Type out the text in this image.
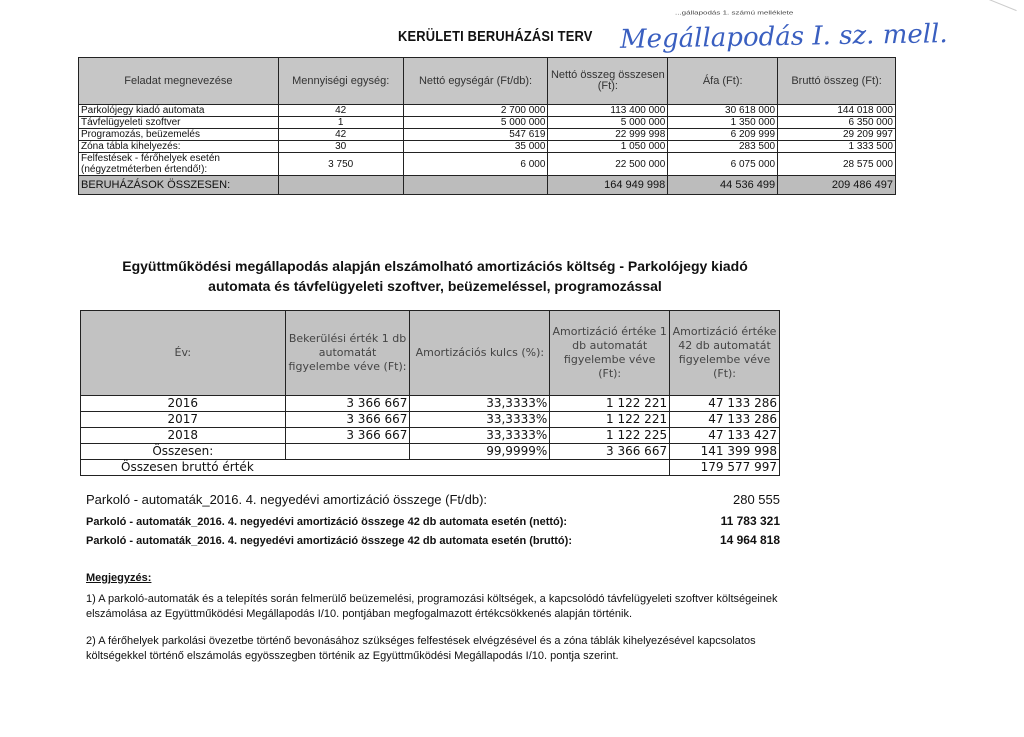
...gállapodás 1. számú melléklete
KERÜLETI BERUHÁZÁSI TERV Megállapodás I. sz. mell.
Feladat megnevezése	Mennyiségi egység:	Nettó egységár (Ft/db):	Nettó összeg összesen (Ft):	Áfa (Ft):	Bruttó összeg (Ft):
Parkolójegy kiadó automata	42	2 700 000	113 400 000	30 618 000	144 018 000
Távfelügyeleti szoftver	1	5 000 000	5 000 000	1 350 000	6 350 000
Programozás, beüzemelés	42	547 619	22 999 998	6 209 999	29 209 997
Zóna tábla kihelyezés:	30	35 000	1 050 000	283 500	1 333 500
Felfestések - férőhelyek esetén (négyzetméterben értendő!):	3 750	6 000	22 500 000	6 075 000	28 575 000
BERUHÁZÁSOK ÖSSZESEN:			164 949 998	44 536 499	209 486 497
Együttműködési megállapodás alapján elszámolható amortizációs költség - Parkolójegy kiadó automata és távfelügyeleti szoftver, beüzemeléssel, programozással
Év:	Bekerülési érték 1 db automatát figyelembe véve (Ft):	Amortizációs kulcs (%):	Amortizáció értéke 1 db automatát figyelembe véve (Ft):	Amortizáció értéke 42 db automatát figyelembe véve (Ft):
2016	3 366 667	33,3333%	1 122 221	47 133 286
2017	3 366 667	33,3333%	1 122 221	47 133 286
2018	3 366 667	33,3333%	1 122 225	47 133 427
Összesen:		99,9999%	3 366 667	141 399 998
Összesen bruttó érték				179 577 997
Parkoló - automaták_2016. 4. negyedévi amortizáció összege (Ft/db):	280 555
Parkoló - automaták_2016. 4. negyedévi amortizáció összege 42 db automata esetén (nettó):	11 783 321
Parkoló - automaták_2016. 4. negyedévi amortizáció összege 42 db automata esetén (bruttó):	14 964 818
Megjegyzés:
1) A parkoló-automaták és a telepítés során felmerülő beüzemelési, programozási költségek, a kapcsolódó távfelügyeleti szoftver költségeinek elszámolása az Együttműködési Megállapodás I/10. pontjában megfogalmazott értékcsökkenés alapján történik.
2) A férőhelyek parkolási övezetbe történő bevonásához szükséges felfestések elvégzésével és a zóna táblák kihelyezésével kapcsolatos költségekkel történő elszámolás egyösszegben történik az Együttműködési Megállapodás I/10. pontja szerint.
